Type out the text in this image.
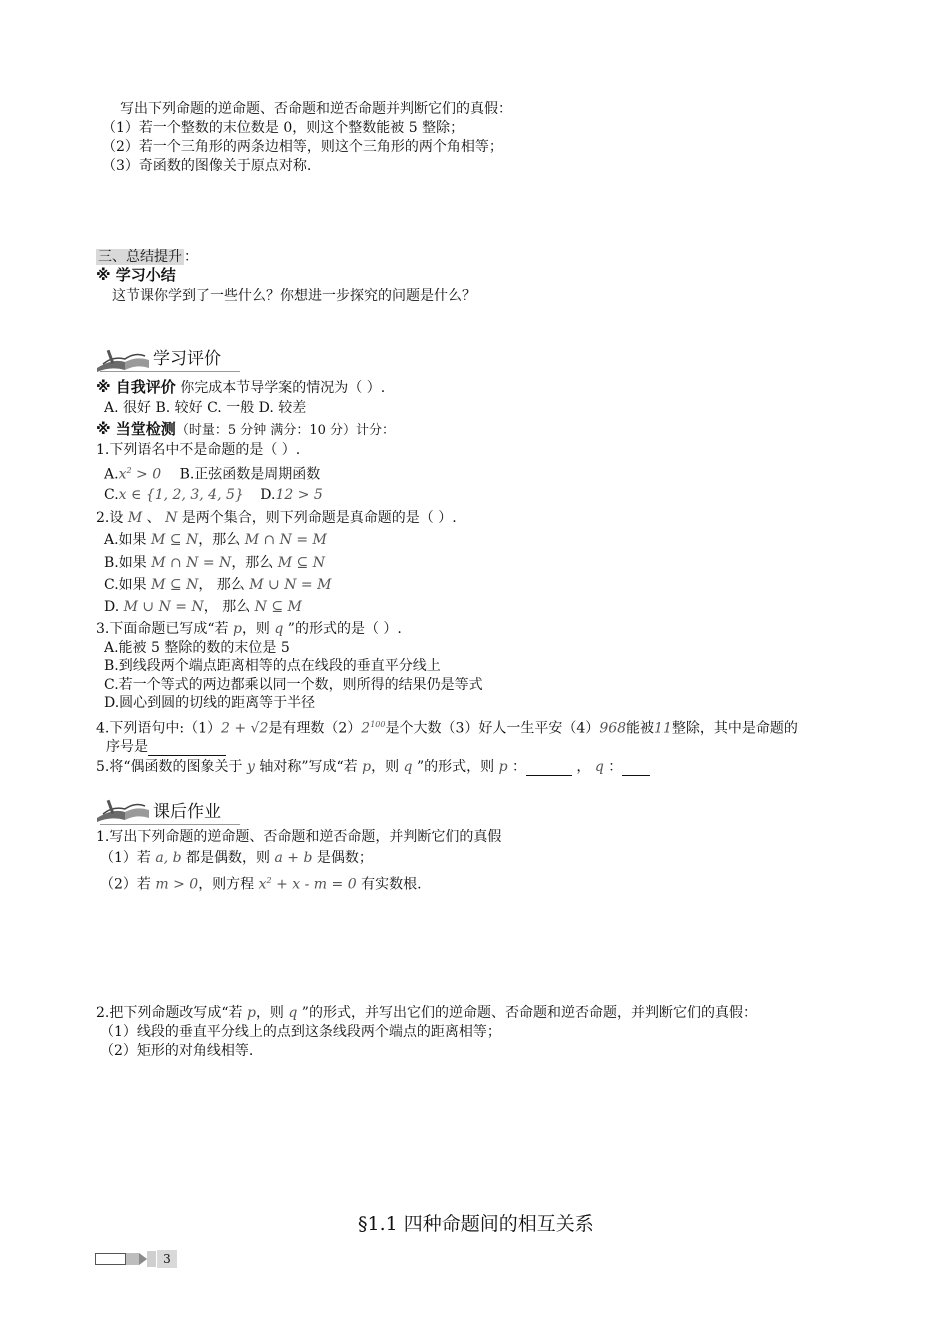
写出下列命题的逆命题、否命题和逆否命题并判断它们的真假：
（1）若一个整数的末位数是 0，则这个整数能被 5 整除；
（2）若一个三角形的两条边相等，则这个三角形的两个角相等；
（3）奇函数的图像关于原点对称.
三、总结提升 ：
※ 学习小结
这节课你学到了一些什么？你想进一步探究的问题是什么？
学习评价
※ 自我评价 你完成本节导学案的情况为（ ）.
A. 很好 B. 较好 C. 一般 D. 较差
※ 当堂检测（时量：5 分钟 满分：10 分）计分：
1.下列语名中不是命题的是（ ）.
$A.x^2 > 0$ B.正弦函数是周期函数
C.x ∈ {1, 2, 3, 4, 5} D.12 > 5
2.设 M 、 N 是两个集合，则下列命题是真命题的是（ ）.
A.如果 M ⊆ N，那么 M ∩ N = M
B.如果 M ∩ N = N，那么 M ⊆ N
C.如果 M ⊆ N， 那么 M ∪ N = M
D. M ∪ N = N， 那么 N ⊆ M
3.下面命题已写成“若 p，则 q ”的形式的是（ ）.
A.能被 5 整除的数的末位是 5
B.到线段两个端点距离相等的点在线段的垂直平分线上
C.若一个等式的两边都乘以同一个数，则所得的结果仍是等式
D.圆心到圆的切线的距离等于半径
4.下列语句中:（1）2 + √2是有理数$(2)2^{100}$是个大数（3）好人一生平安（4）968能被11整除，其中是命题的
序号是
5.将“偶函数的图象关于 y 轴对称”写成“若 p，则 q ”的形式，则 p ：	， q ：
课后作业
1.写出下列命题的逆命题、否命题和逆否命题，并判断它们的真假
（1）若 a, b 都是偶数，则 a + b 是偶数；
（2）若 m > 0，则方程 $x^2 + x - m = 0$ 有实数根.
2.把下列命题改写成“若 p，则 q ”的形式，并写出它们的逆命题、否命题和逆否命题，并判断它们的真假：
（1）线段的垂直平分线上的点到这条线段两个端点的距离相等；
（2）矩形的对角线相等.
§1.1 四种命题间的相互关系
3
